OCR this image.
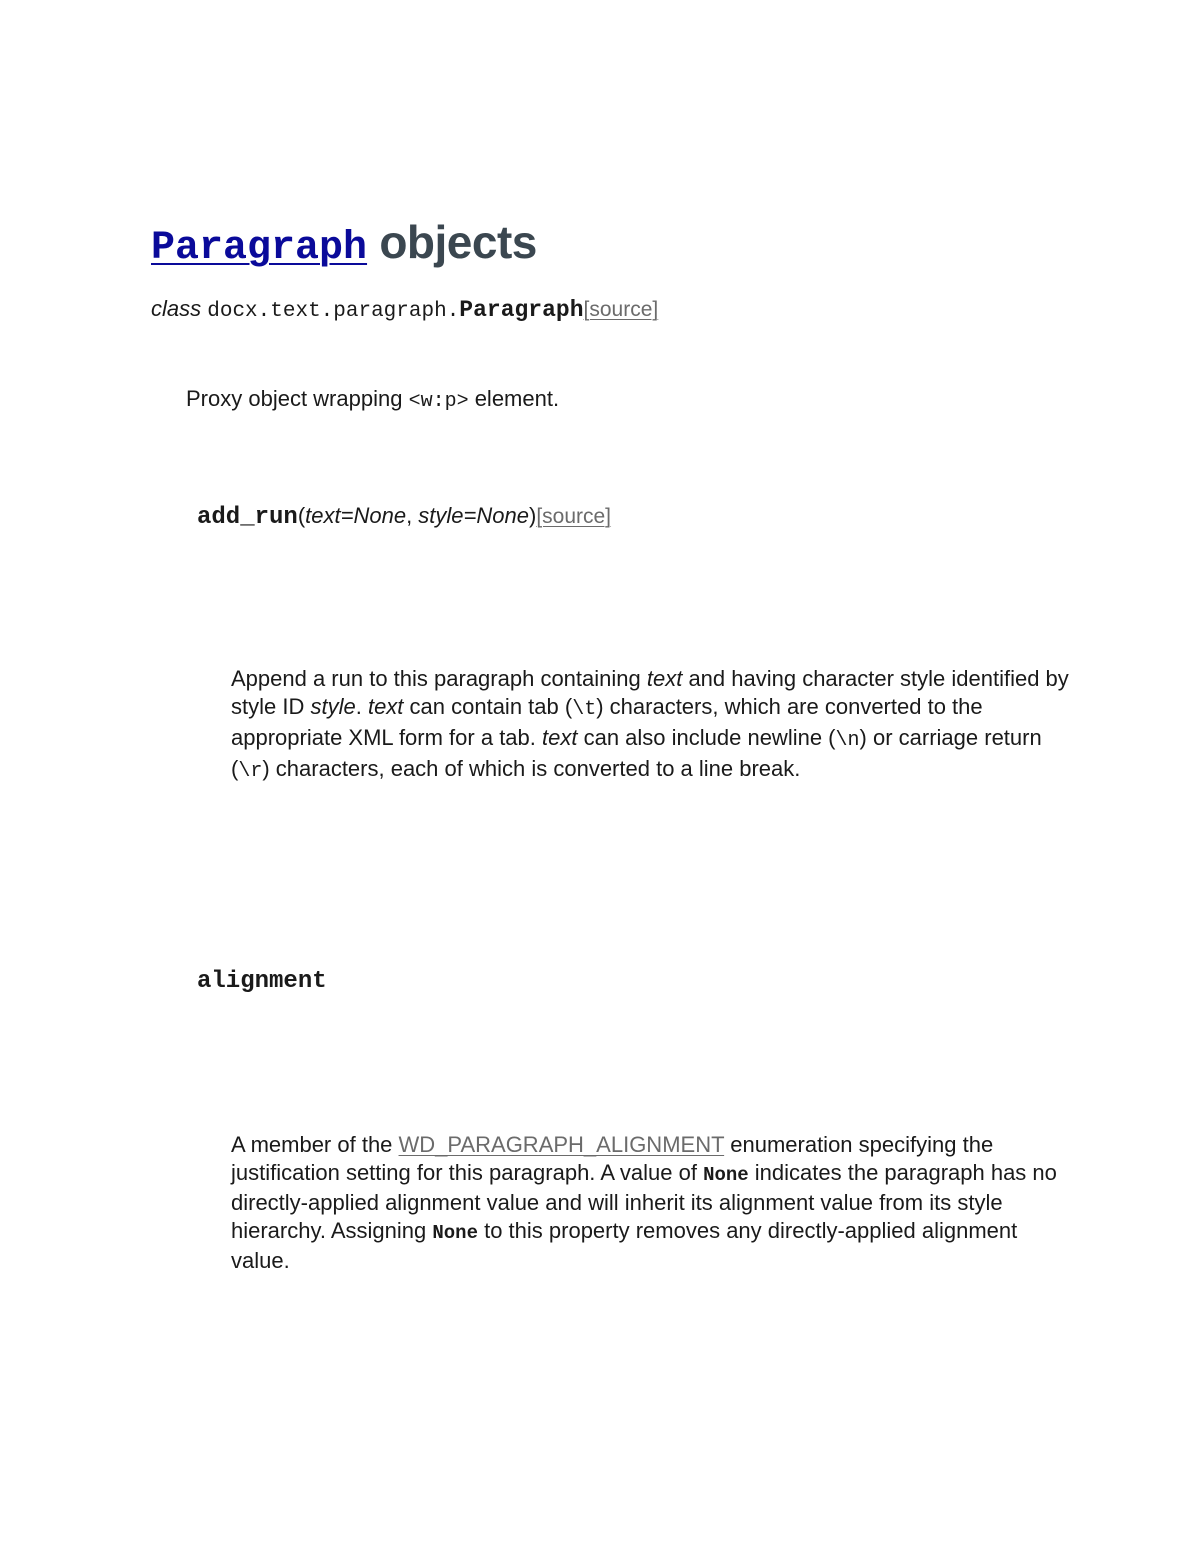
Paragraph objects
class docx.text.paragraph.Paragraph[source]
Proxy object wrapping <w:p> element.
add_run(text=None, style=None)[source]
Append a run to this paragraph containing text and having character style identified by style ID style. text can contain tab (\t) characters, which are converted to the appropriate XML form for a tab. text can also include newline (\n) or carriage return (\r) characters, each of which is converted to a line break.
alignment
A member of the WD_PARAGRAPH_ALIGNMENT enumeration specifying the justification setting for this paragraph. A value of None indicates the paragraph has no directly-applied alignment value and will inherit its alignment value from its style hierarchy. Assigning None to this property removes any directly-applied alignment value.
